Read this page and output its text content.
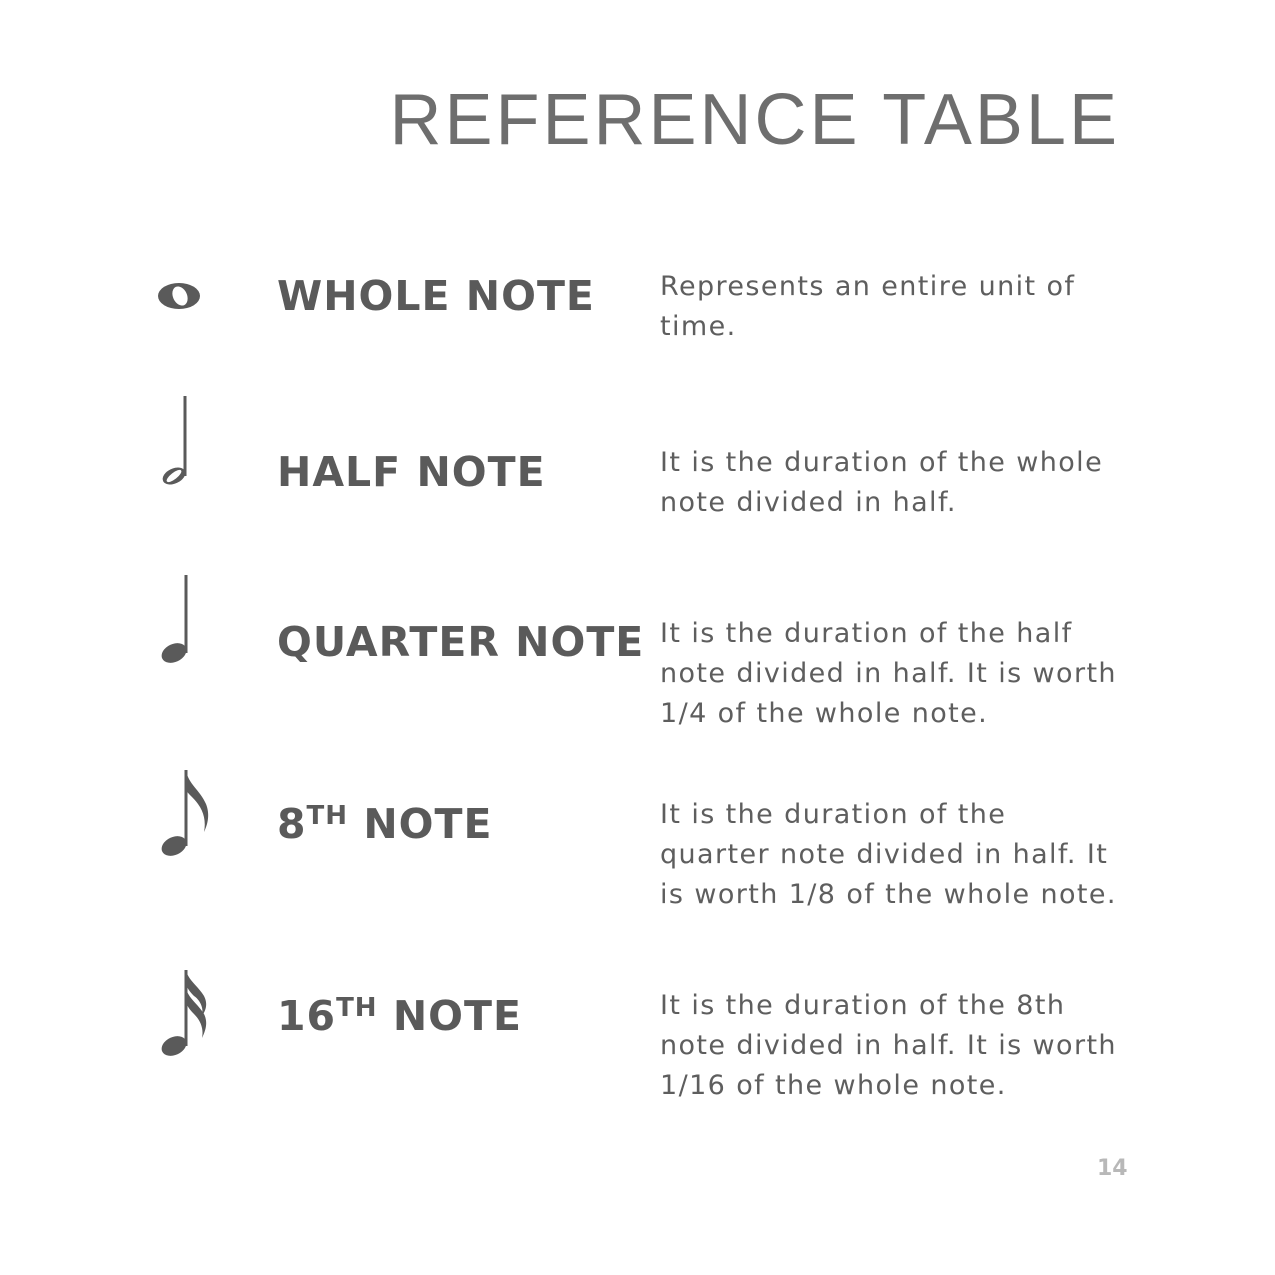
REFERENCE TABLE
WHOLE NOTE Represents an entire unit of time.
HALF NOTE	It is the duration of the whole note divided in half.
QUARTER NOTE It is the duration of the half note divided in half. It is worth 1/4 of the whole note.
8TH NOTE	It is the duration of the quarter note divided in half. It is worth 1/8 of the whole note.
16TH NOTE	It is the duration of the 8th note divided in half. It is worth 1/16 of the whole note.
14
